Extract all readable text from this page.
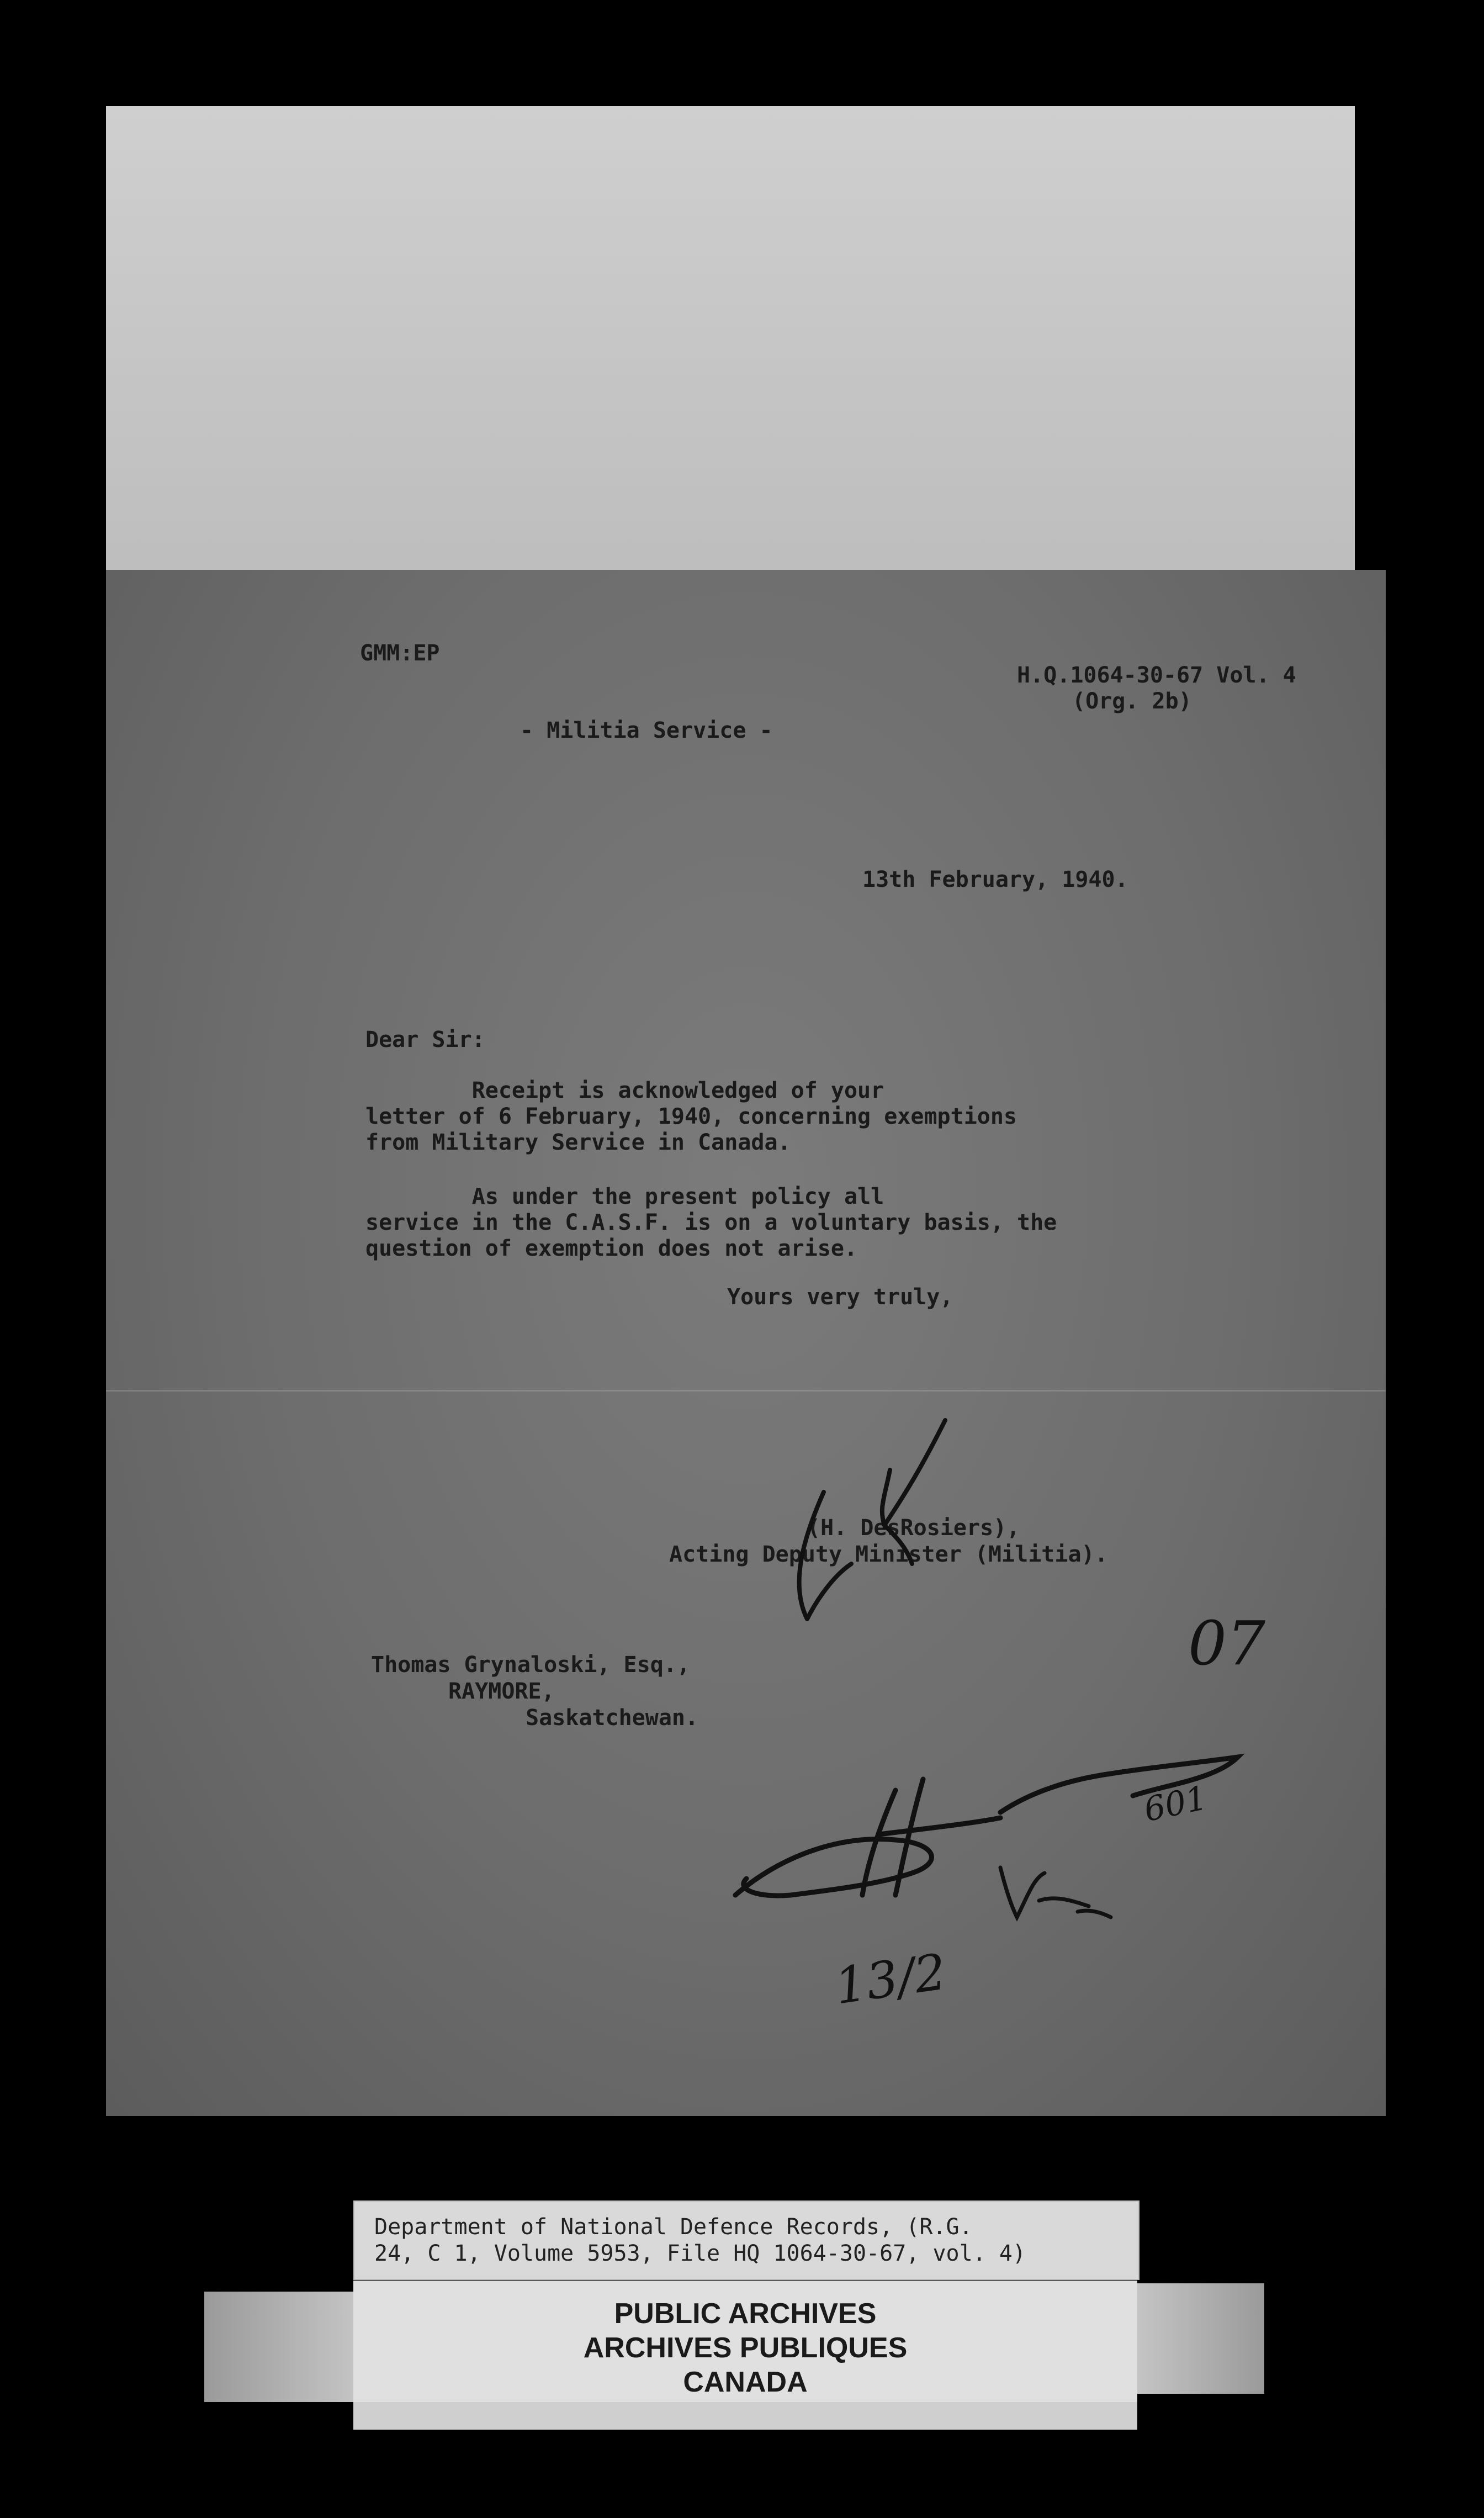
GMM:EP

H.Q.1064-30-67 Vol. 4

(Org. 2b)

- Militia Service -

13th February, 1940.

Dear Sir:

Receipt is acknowledged of your
letter of 6 February, 1940, concerning exemptions
from Military Service in Canada.

As under the present policy all
service in the C.A.S.F. is on a voluntary basis, the
question of exemption does not arise.

Yours very truly,

(H. DesRosiers),

Acting Deputy Minister (Militia).

Thomas Grynaloski, Esq.,

RAYMORE,

Saskatchewan.

07

601

13/2

Department of National Defence Records, (R.G.
24, C 1, Volume 5953, File HQ 1064-30-67, vol. 4)

PUBLIC ARCHIVES

ARCHIVES PUBLIQUES

CANADA
